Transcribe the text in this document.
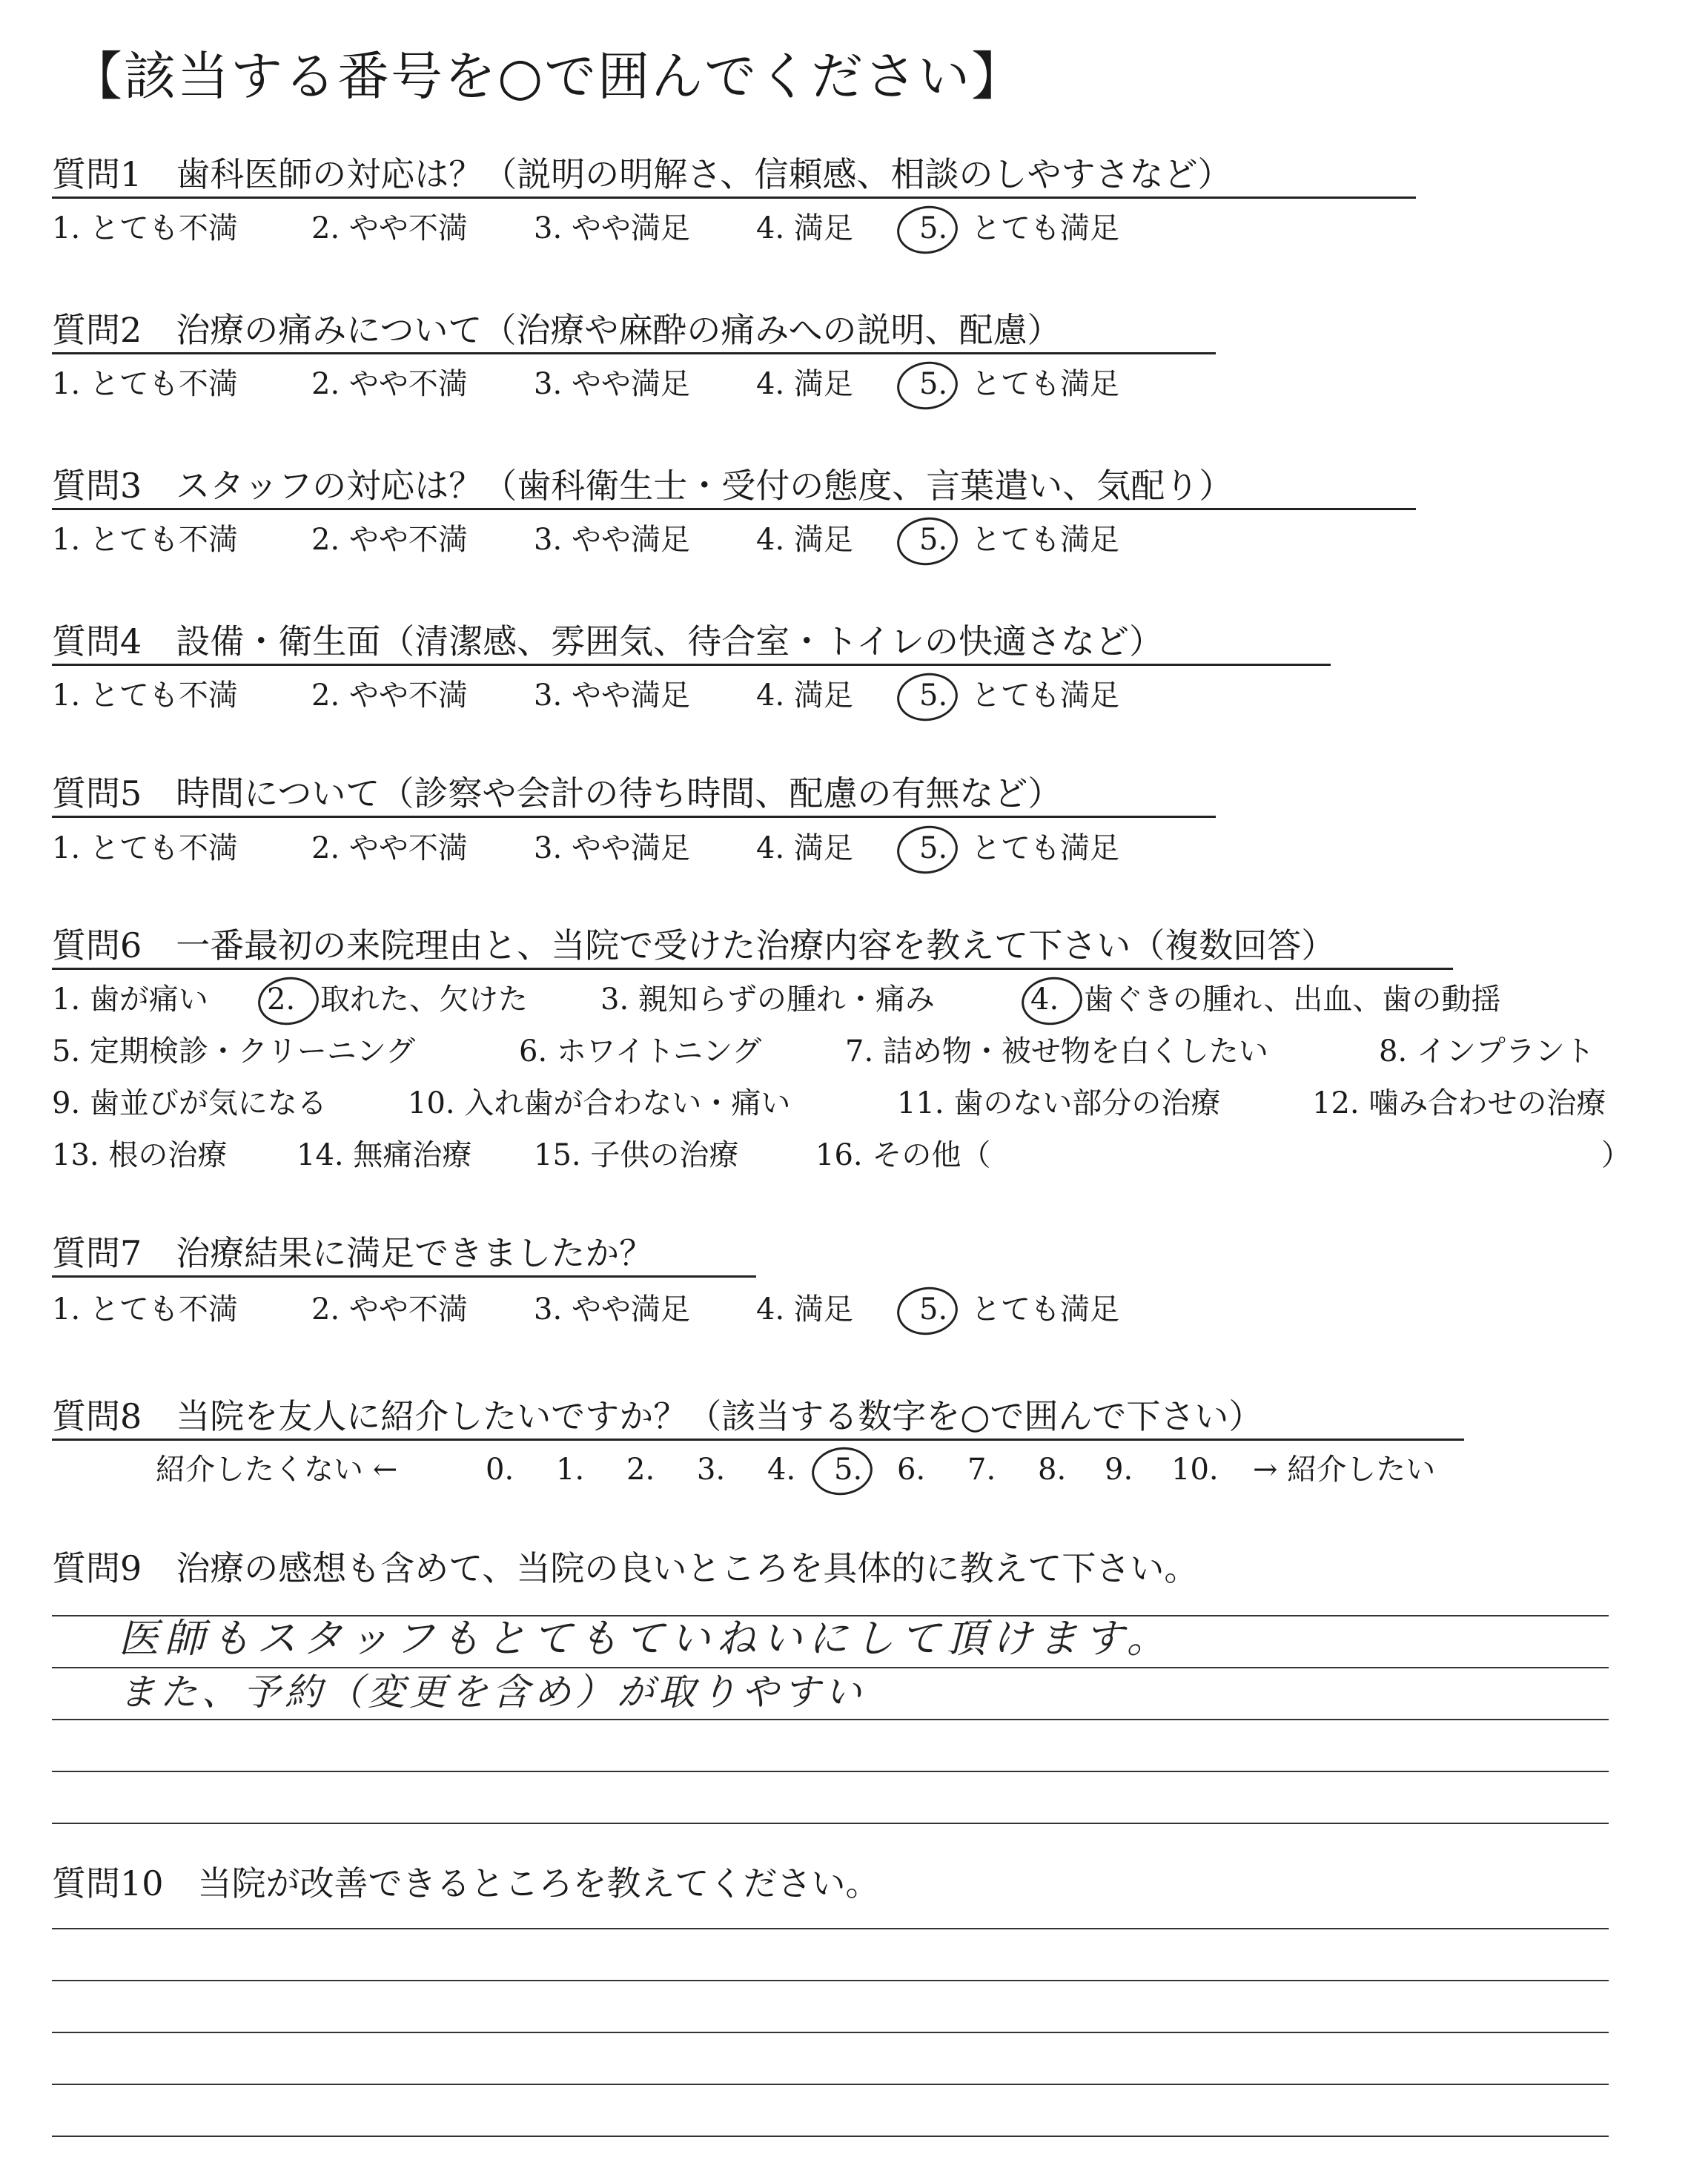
【該当する番号を○で囲んでください】
質問1 歯科医師の対応は？（説明の明解さ、信頼感、相談のしやすさなど）
1. とても不満 2. やや不満 3. やや満足 4. 満足 5. とても満足
質問2 治療の痛みについて（治療や麻酔の痛みへの説明、配慮）
1. とても不満 2. やや不満 3. やや満足 4. 満足 5. とても満足
質問3 スタッフの対応は？（歯科衛生士・受付の態度、言葉遣い、気配り）
1. とても不満 2. やや不満 3. やや満足 4. 満足 5. とても満足
質問4 設備・衛生面（清潔感、雰囲気、待合室・トイレの快適さなど）
1. とても不満 2. やや不満 3. やや満足 4. 満足 5. とても満足
質問5 時間について（診察や会計の待ち時間、配慮の有無など）
1. とても不満 2. やや不満 3. やや満足 4. 満足 5. とても満足
質問6 一番最初の来院理由と、当院で受けた治療内容を教えて下さい（複数回答）
1. 歯が痛い 2. 取れた、欠けた 3. 親知らずの腫れ・痛み	4. 歯ぐきの腫れ、出血、歯の動揺
5. 定期検診・クリーニング	6. ホワイトニング	7. 詰め物・被せ物を白くしたい	8. インプラント
9. 歯並びが気になる	10. 入れ歯が合わない・痛い	11. 歯のない部分の治療	12. 噛み合わせの治療
13. 根の治療 14. 無痛治療 15. 子供の治療	16. その他（	）
質問7 治療結果に満足できましたか？
1. とても不満 2. やや不満 3. やや満足 4. 満足 5. とても満足
質問8 当院を友人に紹介したいですか？（該当する数字を○で囲んで下さい）
紹介したくない ←	0. 1. 2. 3. 4. 5. 6. 7. 8. 9. 10. → 紹介したい
質問9 治療の感想も含めて、当院の良いところを具体的に教えて下さい。
医師もスタッフもとてもていねいにして頂けます。
また、予約（変更を含め）が取りやすい
質問10 当院が改善できるところを教えてください。
